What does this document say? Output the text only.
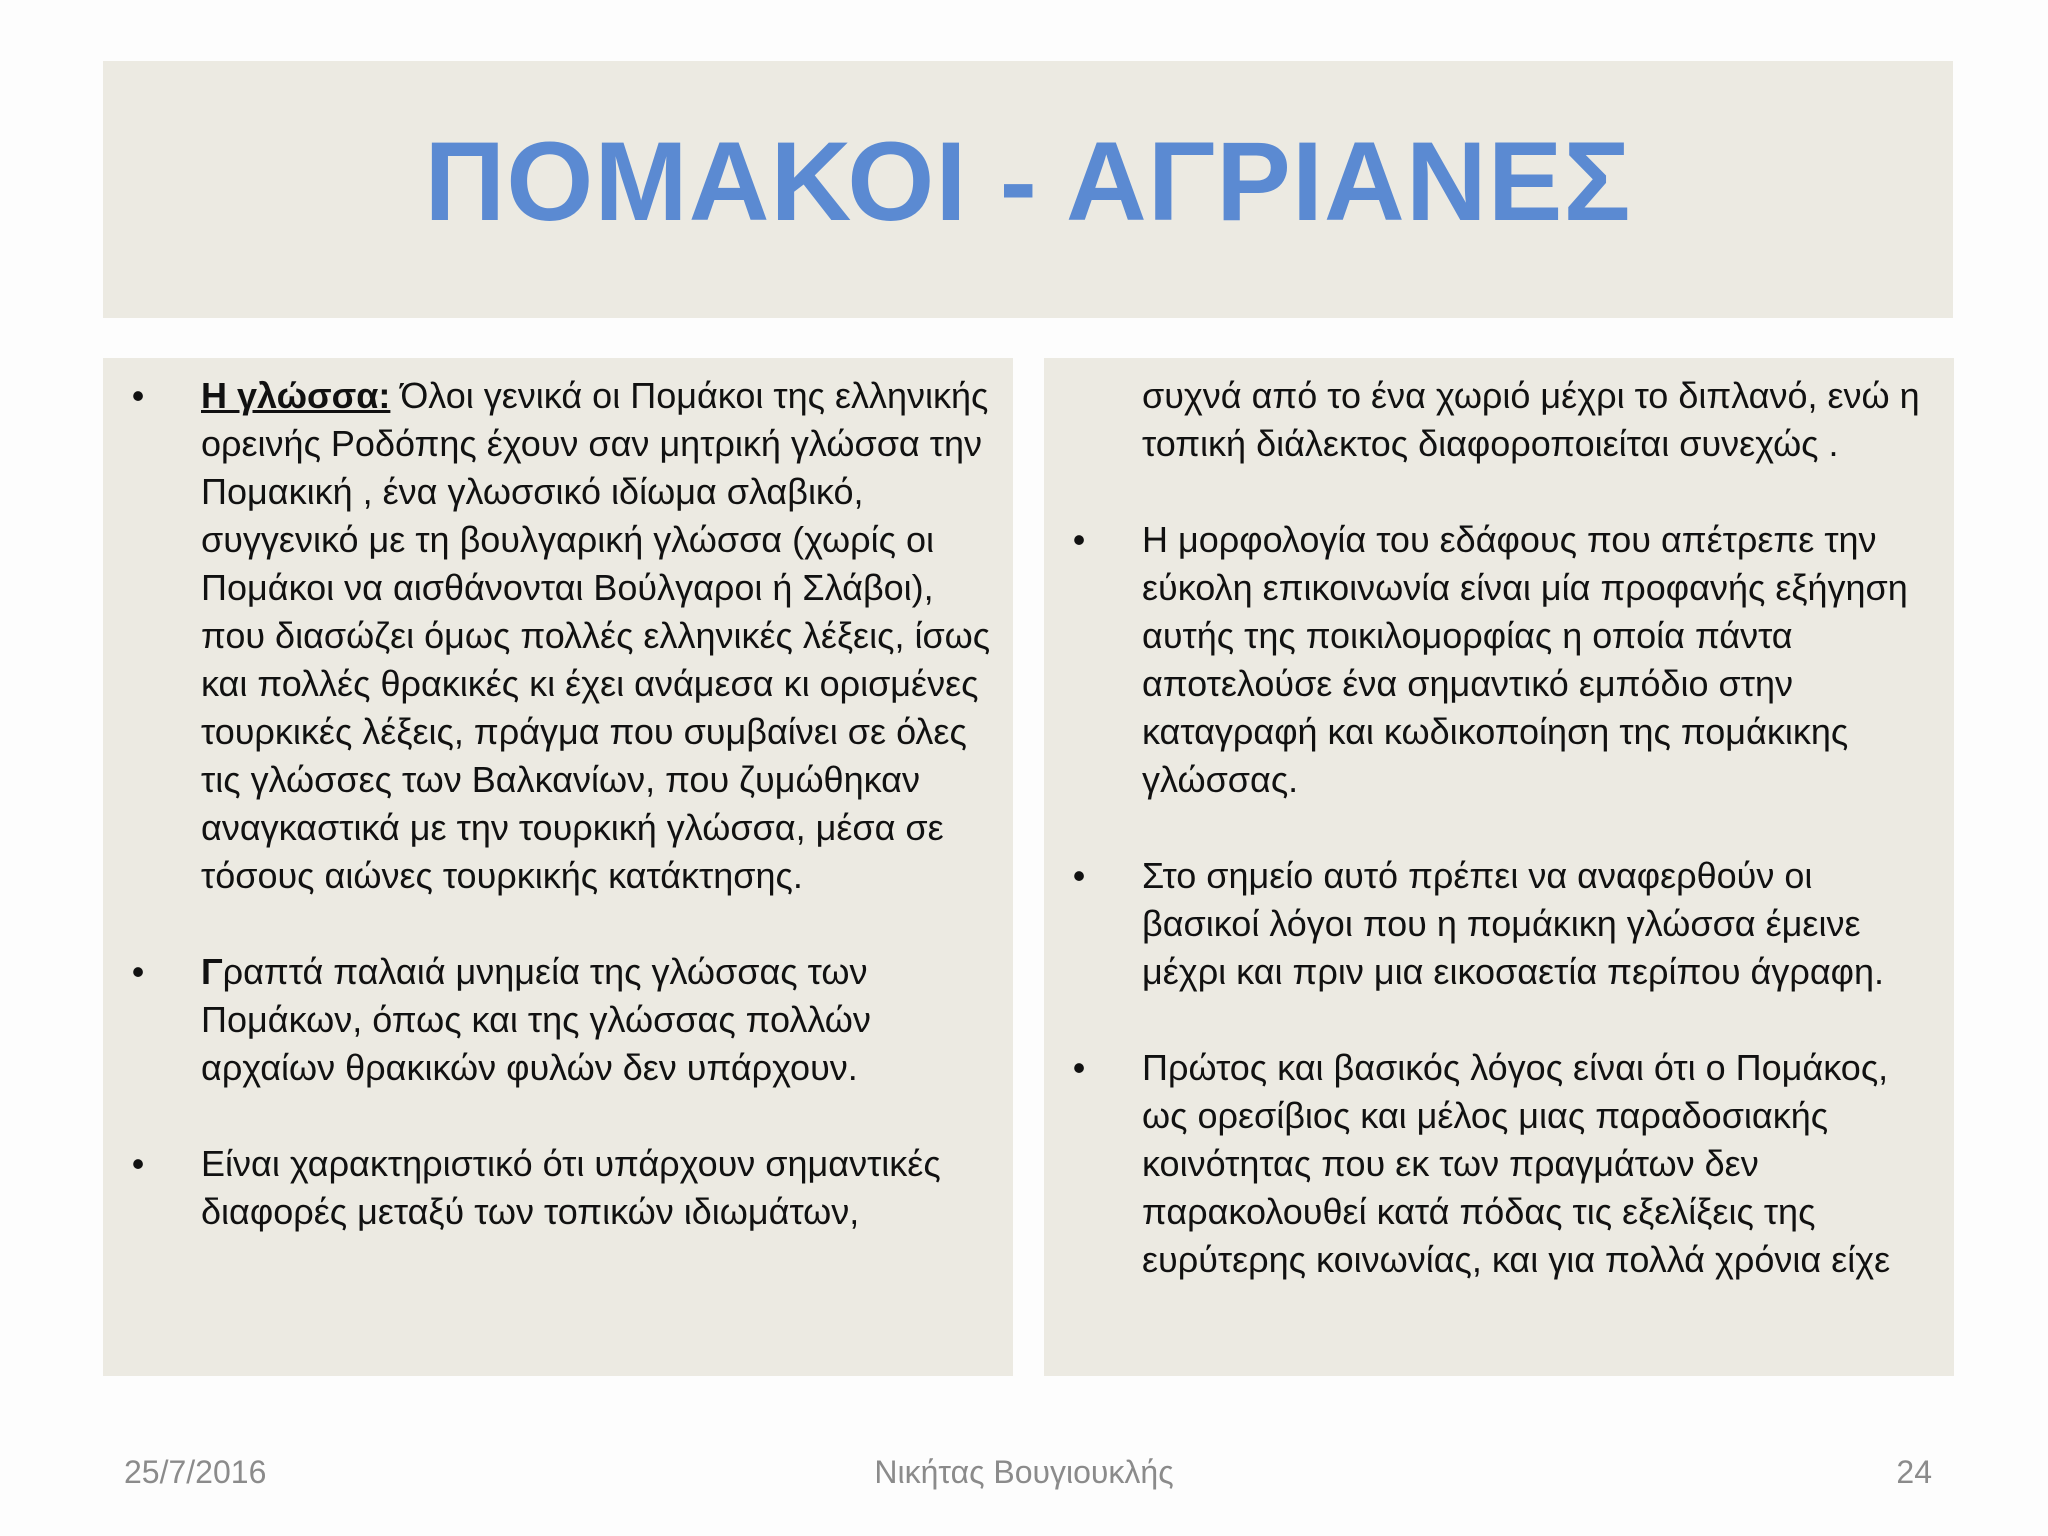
ΠΟΜΑΚΟΙ - ΑΓΡΙΑΝΕΣ
• Η γλώσσα: Όλοι γενικά οι Πομάκοι της ελληνικής ορεινής Ροδόπης έχουν σαν μητρική γλώσσα την Πομακική , ένα γλωσσικό ιδίωμα σλαβικό, συγγενικό με τη βουλγαρική γλώσσα (χωρίς οι Πομάκοι να αισθάνονται Βούλγαροι ή Σλάβοι), που διασώζει όμως πολλές ελληνικές λέξεις, ίσως και πολλές θρακικές κι έχει ανάμεσα κι ορισμένες τουρκικές λέξεις, πράγμα που συμβαίνει σε όλες τις γλώσσες των Βαλκανίων, που ζυμώθηκαν αναγκαστικά με την τουρκική γλώσσα, μέσα σε τόσους αιώνες τουρκικής κατάκτησης.
• Γραπτά παλαιά μνημεία της γλώσσας των Πομάκων, όπως και της γλώσσας πολλών αρχαίων θρακικών φυλών δεν υπάρχουν.
• Είναι χαρακτηριστικό ότι υπάρχουν σημαντικές διαφορές μεταξύ των τοπικών ιδιωμάτων,
συχνά από το ένα χωριό μέχρι το διπλανό, ενώ η τοπική διάλεκτος διαφοροποιείται συνεχώς .
• Η μορφολογία του εδάφους που απέτρεπε την εύκολη επικοινωνία είναι μία προφανής εξήγηση αυτής της ποικιλομορφίας η οποία πάντα αποτελούσε ένα σημαντικό εμπόδιο στην καταγραφή και κωδικοποίηση της πομάκικης γλώσσας.
• Στο σημείο αυτό πρέπει να αναφερθούν οι βασικοί λόγοι που η πομάκικη γλώσσα έμεινε μέχρι και πριν μια εικοσαετία περίπου άγραφη.
• Πρώτος και βασικός λόγος είναι ότι ο Πομάκος, ως ορεσίβιος και μέλος μιας παραδοσιακής κοινότητας που εκ των πραγμάτων δεν παρακολουθεί κατά πόδας τις εξελίξεις της ευρύτερης κοινωνίας, και για πολλά χρόνια είχε
25/7/2016	Νικήτας Βουγιουκλής	24
